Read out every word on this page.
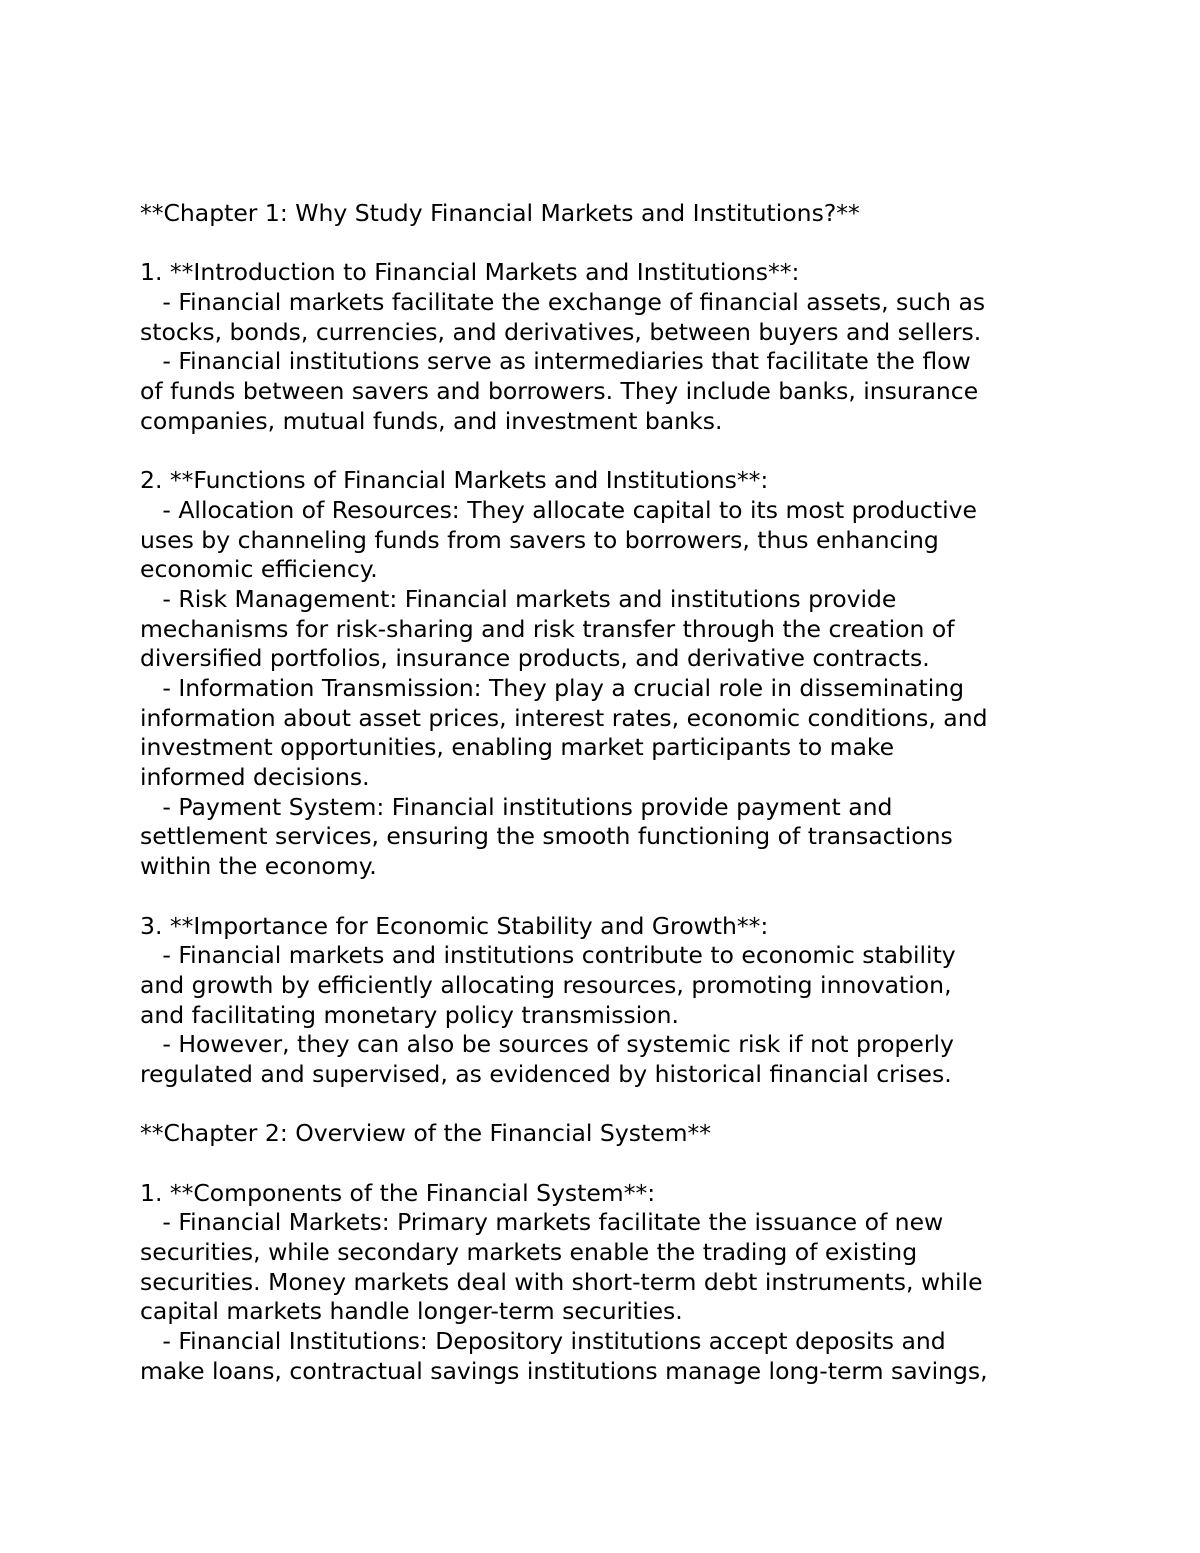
**Chapter 1: Why Study Financial Markets and Institutions?**
1. **Introduction to Financial Markets and Institutions**:
- Financial markets facilitate the exchange of financial assets, such as
stocks, bonds, currencies, and derivatives, between buyers and sellers.
- Financial institutions serve as intermediaries that facilitate the flow
of funds between savers and borrowers. They include banks, insurance
companies, mutual funds, and investment banks.
2. **Functions of Financial Markets and Institutions**:
- Allocation of Resources: They allocate capital to its most productive
uses by channeling funds from savers to borrowers, thus enhancing
economic efficiency.
- Risk Management: Financial markets and institutions provide
mechanisms for risk-sharing and risk transfer through the creation of
diversified portfolios, insurance products, and derivative contracts.
- Information Transmission: They play a crucial role in disseminating
information about asset prices, interest rates, economic conditions, and
investment opportunities, enabling market participants to make
informed decisions.
- Payment System: Financial institutions provide payment and
settlement services, ensuring the smooth functioning of transactions
within the economy.
3. **Importance for Economic Stability and Growth**:
- Financial markets and institutions contribute to economic stability
and growth by efficiently allocating resources, promoting innovation,
and facilitating monetary policy transmission.
- However, they can also be sources of systemic risk if not properly
regulated and supervised, as evidenced by historical financial crises.
**Chapter 2: Overview of the Financial System**
1. **Components of the Financial System**:
- Financial Markets: Primary markets facilitate the issuance of new
securities, while secondary markets enable the trading of existing
securities. Money markets deal with short-term debt instruments, while
capital markets handle longer-term securities.
- Financial Institutions: Depository institutions accept deposits and
make loans, contractual savings institutions manage long-term savings,
